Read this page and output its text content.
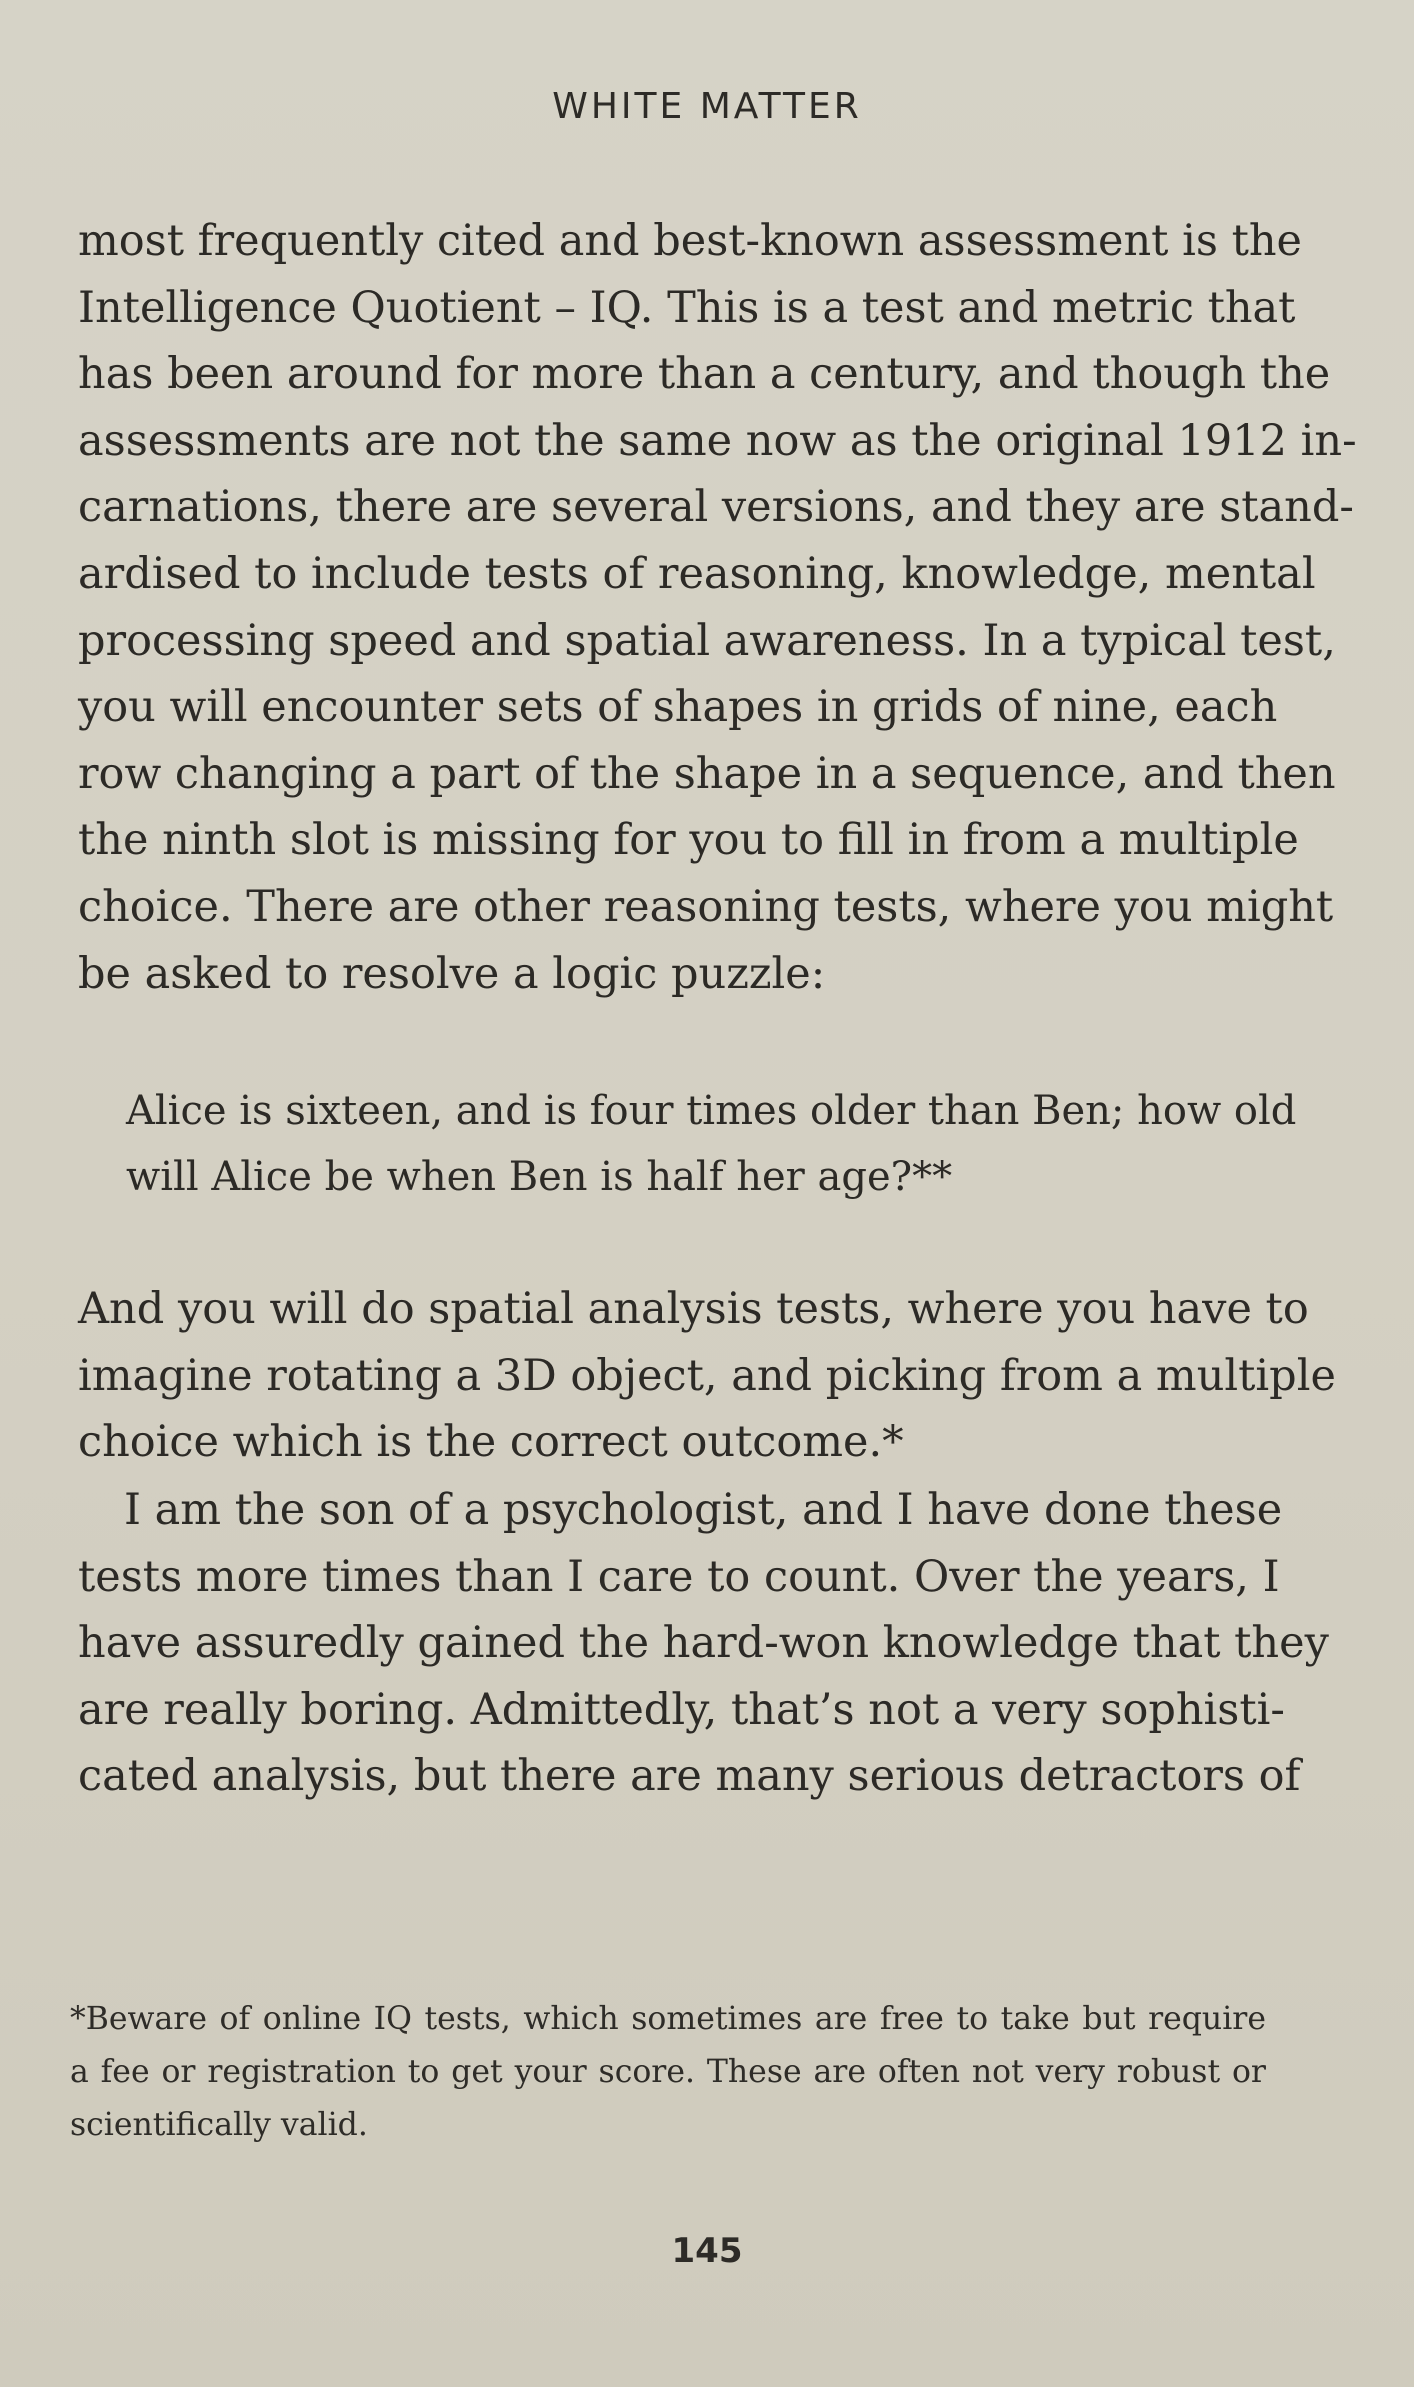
WHITE MATTER
most frequently cited and best-known assessment is the
Intelligence Quotient – IQ. This is a test and metric that
has been around for more than a century, and though the
assessments are not the same now as the original 1912 in-
carnations, there are several versions, and they are stand-
ardised to include tests of reasoning, knowledge, mental
processing speed and spatial awareness. In a typical test,
you will encounter sets of shapes in grids of nine, each
row changing a part of the shape in a sequence, and then
the ninth slot is missing for you to fill in from a multiple
choice. There are other reasoning tests, where you might
be asked to resolve a logic puzzle:
Alice is sixteen, and is four times older than Ben; how old
will Alice be when Ben is half her age?**
And you will do spatial analysis tests, where you have to
imagine rotating a 3D object, and picking from a multiple
choice which is the correct outcome.*
I am the son of a psychologist, and I have done these
tests more times than I care to count. Over the years, I
have assuredly gained the hard-won knowledge that they
are really boring. Admittedly, that’s not a very sophisti-
cated analysis, but there are many serious detractors of
*Beware of online IQ tests, which sometimes are free to take but require
a fee or registration to get your score. These are often not very robust or
scientifically valid.
145
